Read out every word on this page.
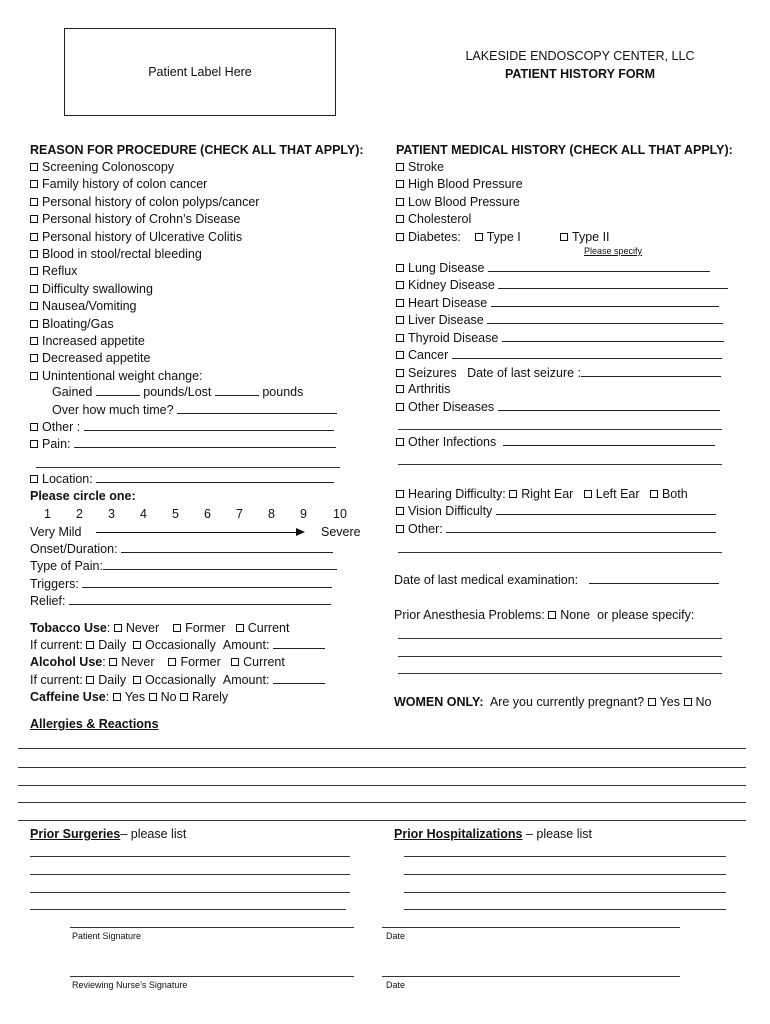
Patient Label Here
LAKESIDE ENDOSCOPY CENTER, LLC
PATIENT HISTORY FORM
REASON FOR PROCEDURE (CHECK ALL THAT APPLY):
Screening Colonoscopy
Family history of colon cancer
Personal history of colon polyps/cancer
Personal history of Crohn’s Disease
Personal history of Ulcerative Colitis
Blood in stool/rectal bleeding
Reflux
Difficulty swallowing
Nausea/Vomiting
Bloating/Gas
Increased appetite
Decreased appetite
Unintentional weight change:
Gained	pounds/Lost	pounds
Over how much time?
Other :
Pain:
Location:
Please circle one:
1 2 3 4 5 6 7 8 9 10
Very Mild	Severe
Onset/Duration:
Type of Pain:
Triggers:
Relief:
Tobacco Use: Never Former Current
If current: Daily Occasionally Amount:
Alcohol Use: Never Former Current
If current: Daily Occasionally Amount:
Caffeine Use: Yes No Rarely
Allergies & Reactions
PATIENT MEDICAL HISTORY (CHECK ALL THAT APPLY):
Stroke
High Blood Pressure
Low Blood Pressure
Cholesterol
Diabetes: Type I	Type II
Please specify
Lung Disease
Kidney Disease
Heart Disease
Liver Disease
Thyroid Disease
Cancer
Seizures Date of last seizure :
Arthritis
Other Diseases
Other Infections
Hearing Difficulty: Right Ear Left Ear Both
Vision Difficulty
Other:
Date of last medical examination:
Prior Anesthesia Problems: None or please specify:
WOMEN ONLY: Are you currently pregnant? Yes No
Prior Surgeries– please list	Prior Hospitalizations – please list
Patient Signature	Date
Reviewing Nurse’s Signature	Date
